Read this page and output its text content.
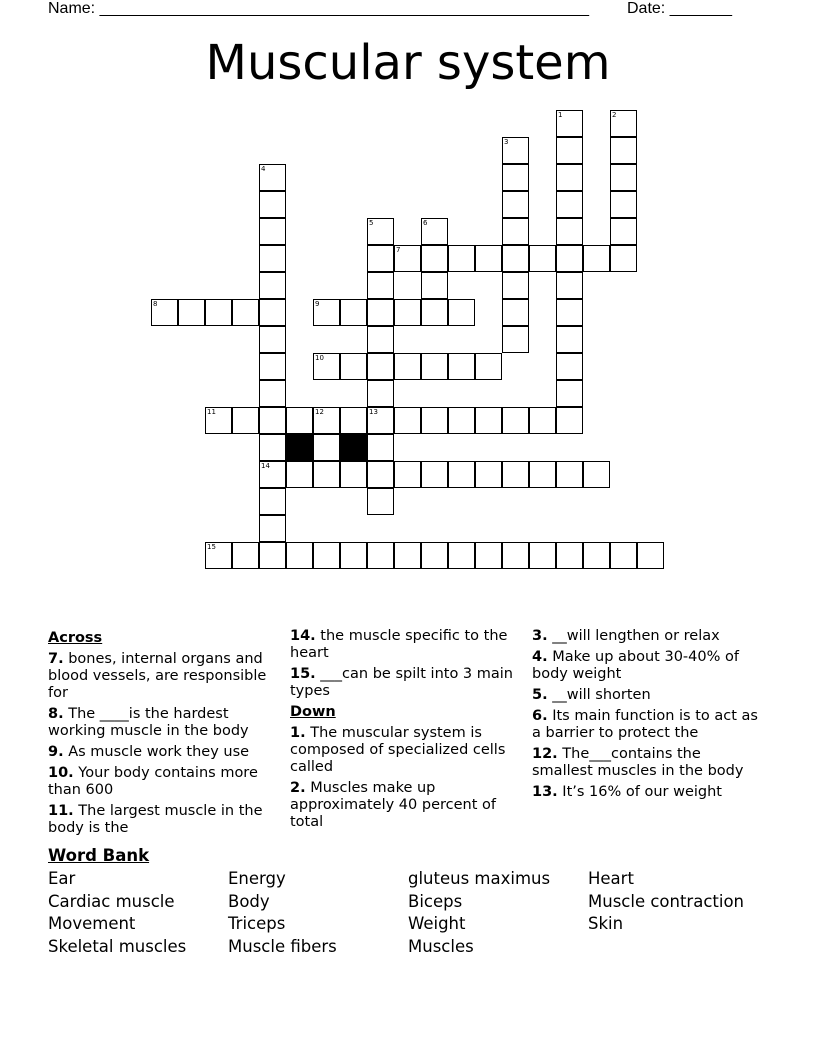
Name: _______________________________________________________ Date: _______
Muscular system
1	2
3
4
14
5
13
6
7
8	9
10
11	12
15
Across
7. bones, internal organs and blood vessels, are responsible for
8. The ____is the hardest working muscle in the body
9. As muscle work they use
10. Your body contains more than 600
11. The largest muscle in the body is the
14. the muscle specific to the heart
15. ___can be spilt into 3 main types
Down
1. The muscular system is composed of specialized cells called
2. Muscles make up approximately 40 percent of total
3. __will lengthen or relax
4. Make up about 30-40% of body weight
5. __will shorten
6. Its main function is to act as a barrier to protect the
12. The___contains the smallest muscles in the body
13. It’s 16% of our weight
Word Bank
Ear	Energy	gluteus maximus	Heart
Cardiac muscle	Body	Biceps	Muscle contraction
Movement	Triceps	Weight	Skin
Skeletal muscles	Muscle fibers	Muscles
